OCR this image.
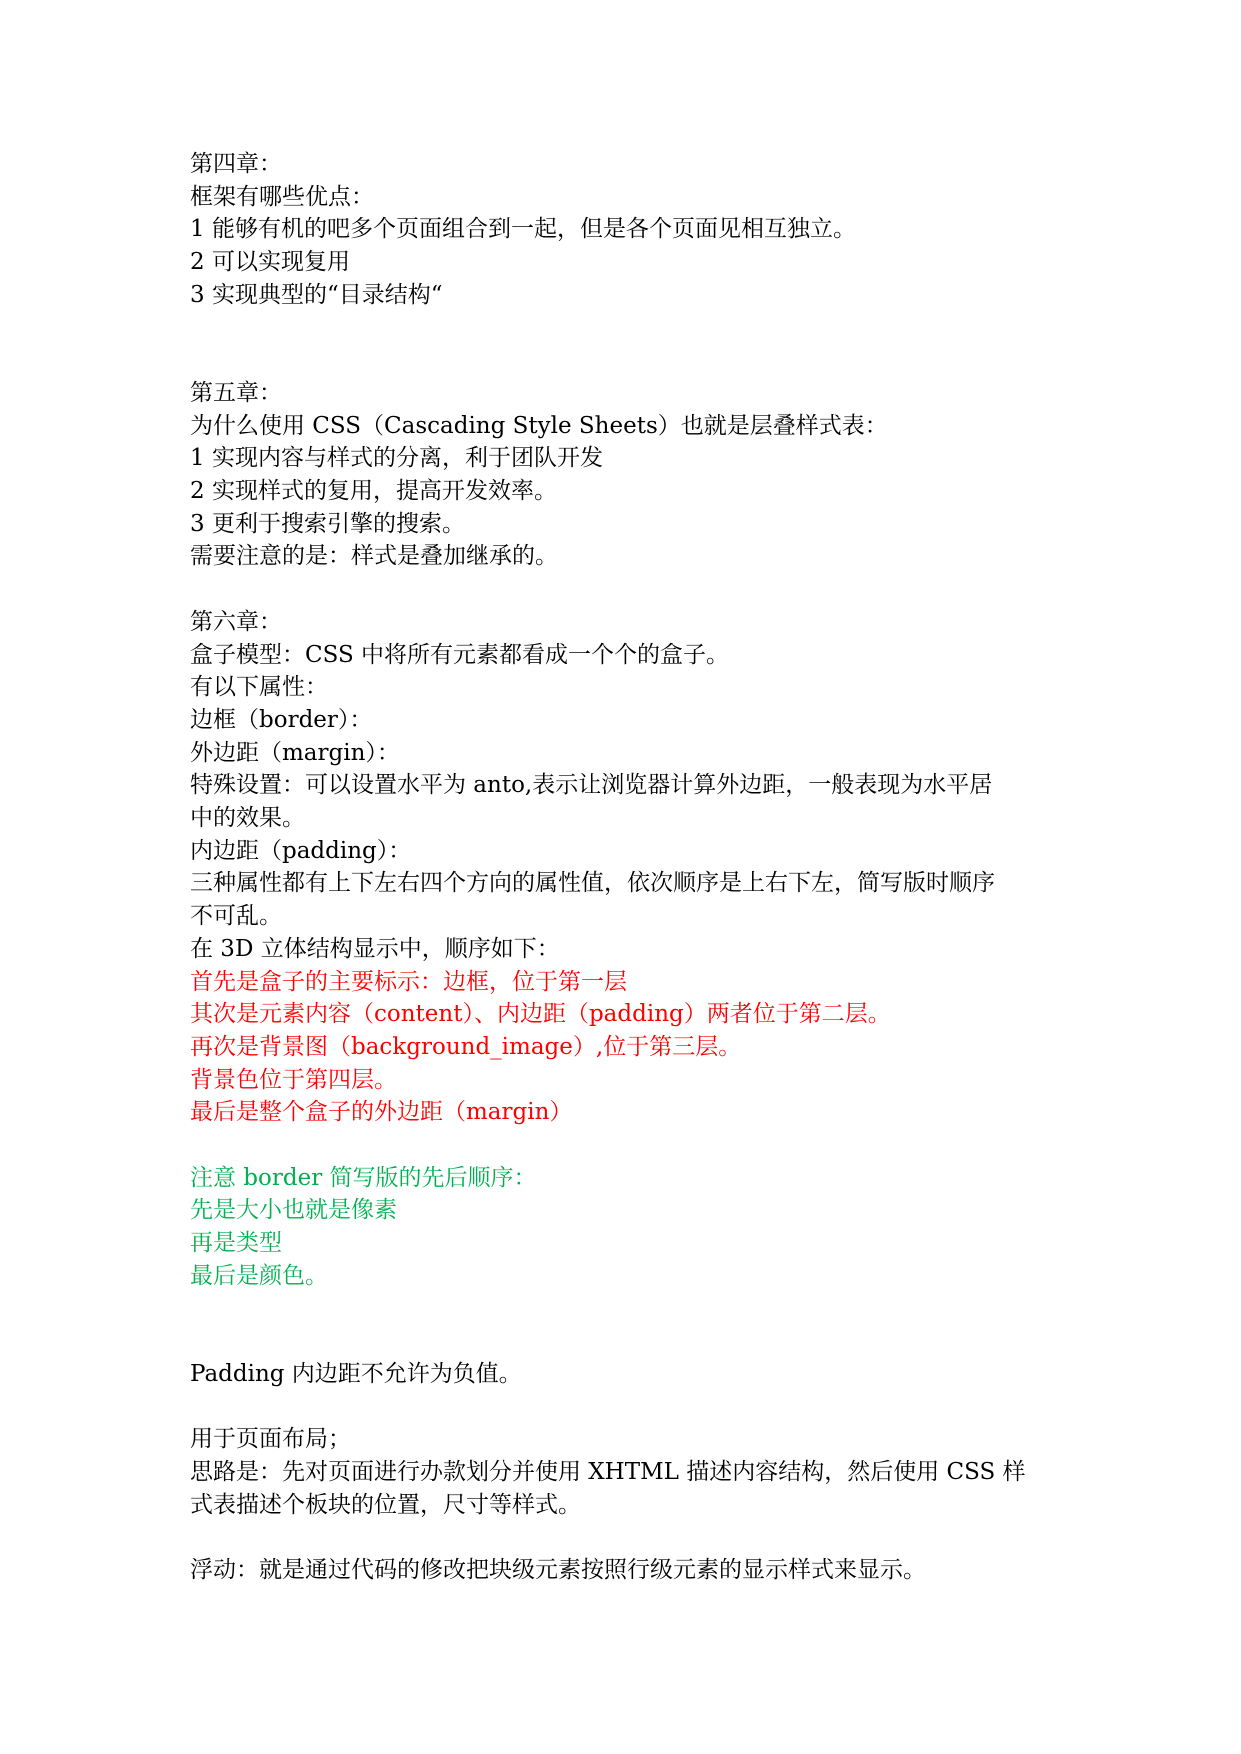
第四章：
框架有哪些优点：
1 能够有机的吧多个页面组合到一起，但是各个页面见相互独立。
2 可以实现复用
3 实现典型的“目录结构“
第五章：
为什么使用 CSS（Cascading Style Sheets）也就是层叠样式表：
1 实现内容与样式的分离，利于团队开发
2 实现样式的复用，提高开发效率。
3 更利于搜索引擎的搜索。
需要注意的是：样式是叠加继承的。
第六章：
盒子模型：CSS 中将所有元素都看成一个个的盒子。
有以下属性：
边框（border）：
外边距（margin）：
特殊设置：可以设置水平为 anto,表示让浏览器计算外边距，一般表现为水平居
中的效果。
内边距（padding）：
三种属性都有上下左右四个方向的属性值，依次顺序是上右下左，简写版时顺序
不可乱。
在 3D 立体结构显示中，顺序如下：
首先是盒子的主要标示：边框，位于第一层
其次是元素内容（content）、内边距（padding）两者位于第二层。
再次是背景图（background_image）,位于第三层。
背景色位于第四层。
最后是整个盒子的外边距（margin）
注意 border 简写版的先后顺序：
先是大小也就是像素
再是类型
最后是颜色。
Padding 内边距不允许为负值。
用于页面布局；
思路是：先对页面进行办款划分并使用 XHTML 描述内容结构，然后使用 CSS 样
式表描述个板块的位置，尺寸等样式。
浮动：就是通过代码的修改把块级元素按照行级元素的显示样式来显示。
